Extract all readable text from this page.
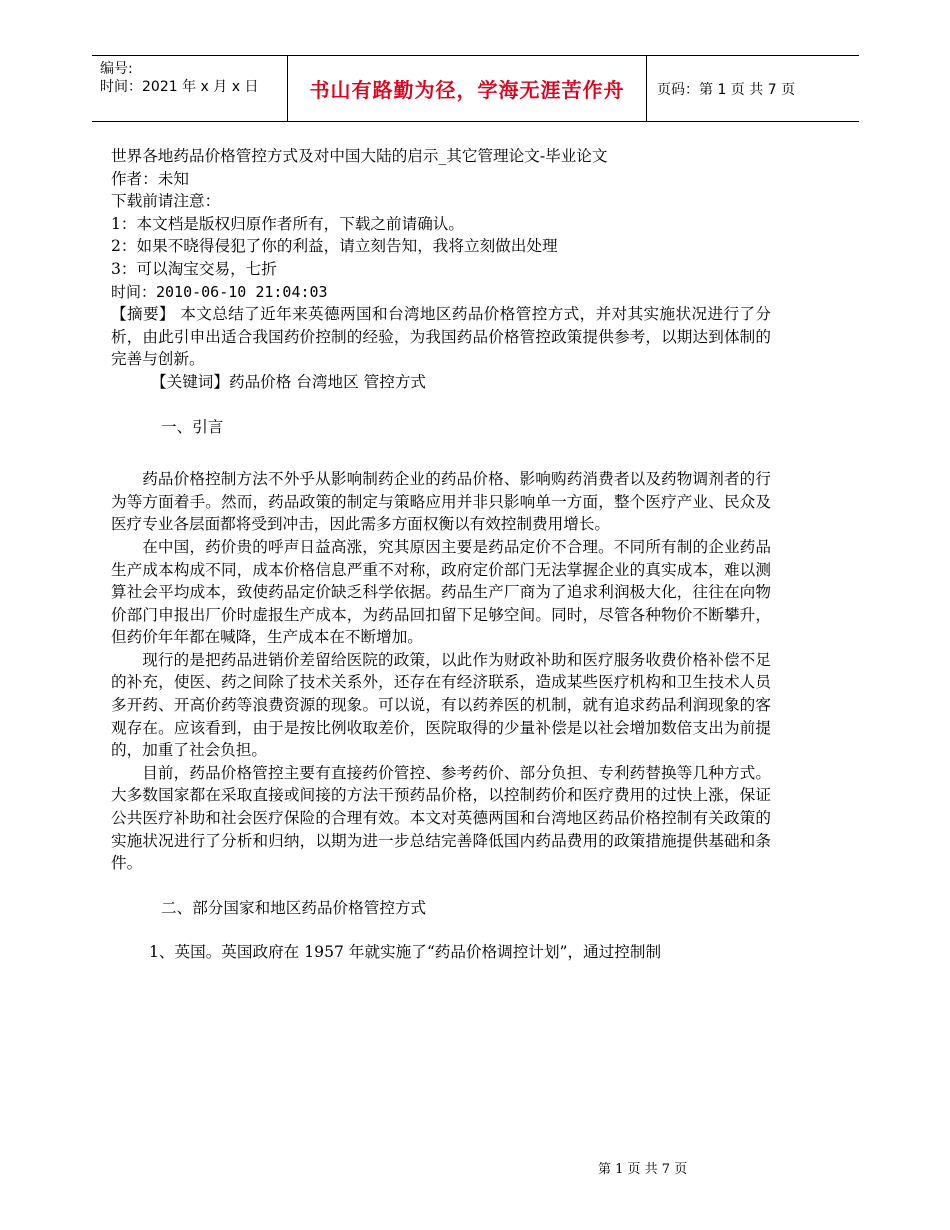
编号:
时间：2021 年 x 月 x 日	书山有路勤为径，学海无涯苦作舟	页码：第 1 页 共 7 页
世界各地药品价格管控方式及对中国大陆的启示_其它管理论文-毕业论文
作者：未知
下载前请注意：
1：本文档是版权归原作者所有，下载之前请确认。
2：如果不晓得侵犯了你的利益，请立刻告知，我将立刻做出处理
3：可以淘宝交易，七折
时间：2010-06-10 21:04:03
【摘要】 本文总结了近年来英德两国和台湾地区药品价格管控方式，并对其实施状况进行了分析，由此引申出适合我国药价控制的经验，为我国药品价格管控政策提供参考，以期达到体制的完善与创新。
【关键词】药品价格 台湾地区 管控方式
一、引言
药品价格控制方法不外乎从影响制药企业的药品价格、影响购药消费者以及药物调剂者的行为等方面着手。然而，药品政策的制定与策略应用并非只影响单一方面，整个医疗产业、民众及医疗专业各层面都将受到冲击，因此需多方面权衡以有效控制费用增长。
在中国，药价贵的呼声日益高涨，究其原因主要是药品定价不合理。不同所有制的企业药品生产成本构成不同，成本价格信息严重不对称，政府定价部门无法掌握企业的真实成本，难以测算社会平均成本，致使药品定价缺乏科学依据。药品生产厂商为了追求利润极大化，往往在向物价部门申报出厂价时虚报生产成本，为药品回扣留下足够空间。同时，尽管各种物价不断攀升，但药价年年都在喊降，生产成本在不断增加。
现行的是把药品进销价差留给医院的政策，以此作为财政补助和医疗服务收费价格补偿不足的补充，使医、药之间除了技术关系外，还存在有经济联系，造成某些医疗机构和卫生技术人员多开药、开高价药等浪费资源的现象。可以说，有以药养医的机制，就有追求药品利润现象的客观存在。应该看到，由于是按比例收取差价，医院取得的少量补偿是以社会增加数倍支出为前提的，加重了社会负担。
目前，药品价格管控主要有直接药价管控、参考药价、部分负担、专利药替换等几种方式。大多数国家都在采取直接或间接的方法干预药品价格，以控制药价和医疗费用的过快上涨，保证公共医疗补助和社会医疗保险的合理有效。本文对英德两国和台湾地区药品价格控制有关政策的实施状况进行了分析和归纳，以期为进一步总结完善降低国内药品费用的政策措施提供基础和条件。
二、部分国家和地区药品价格管控方式
1、英国。英国政府在 1957 年就实施了“药品价格调控计划”，通过控制制
第 1 页 共 7 页
